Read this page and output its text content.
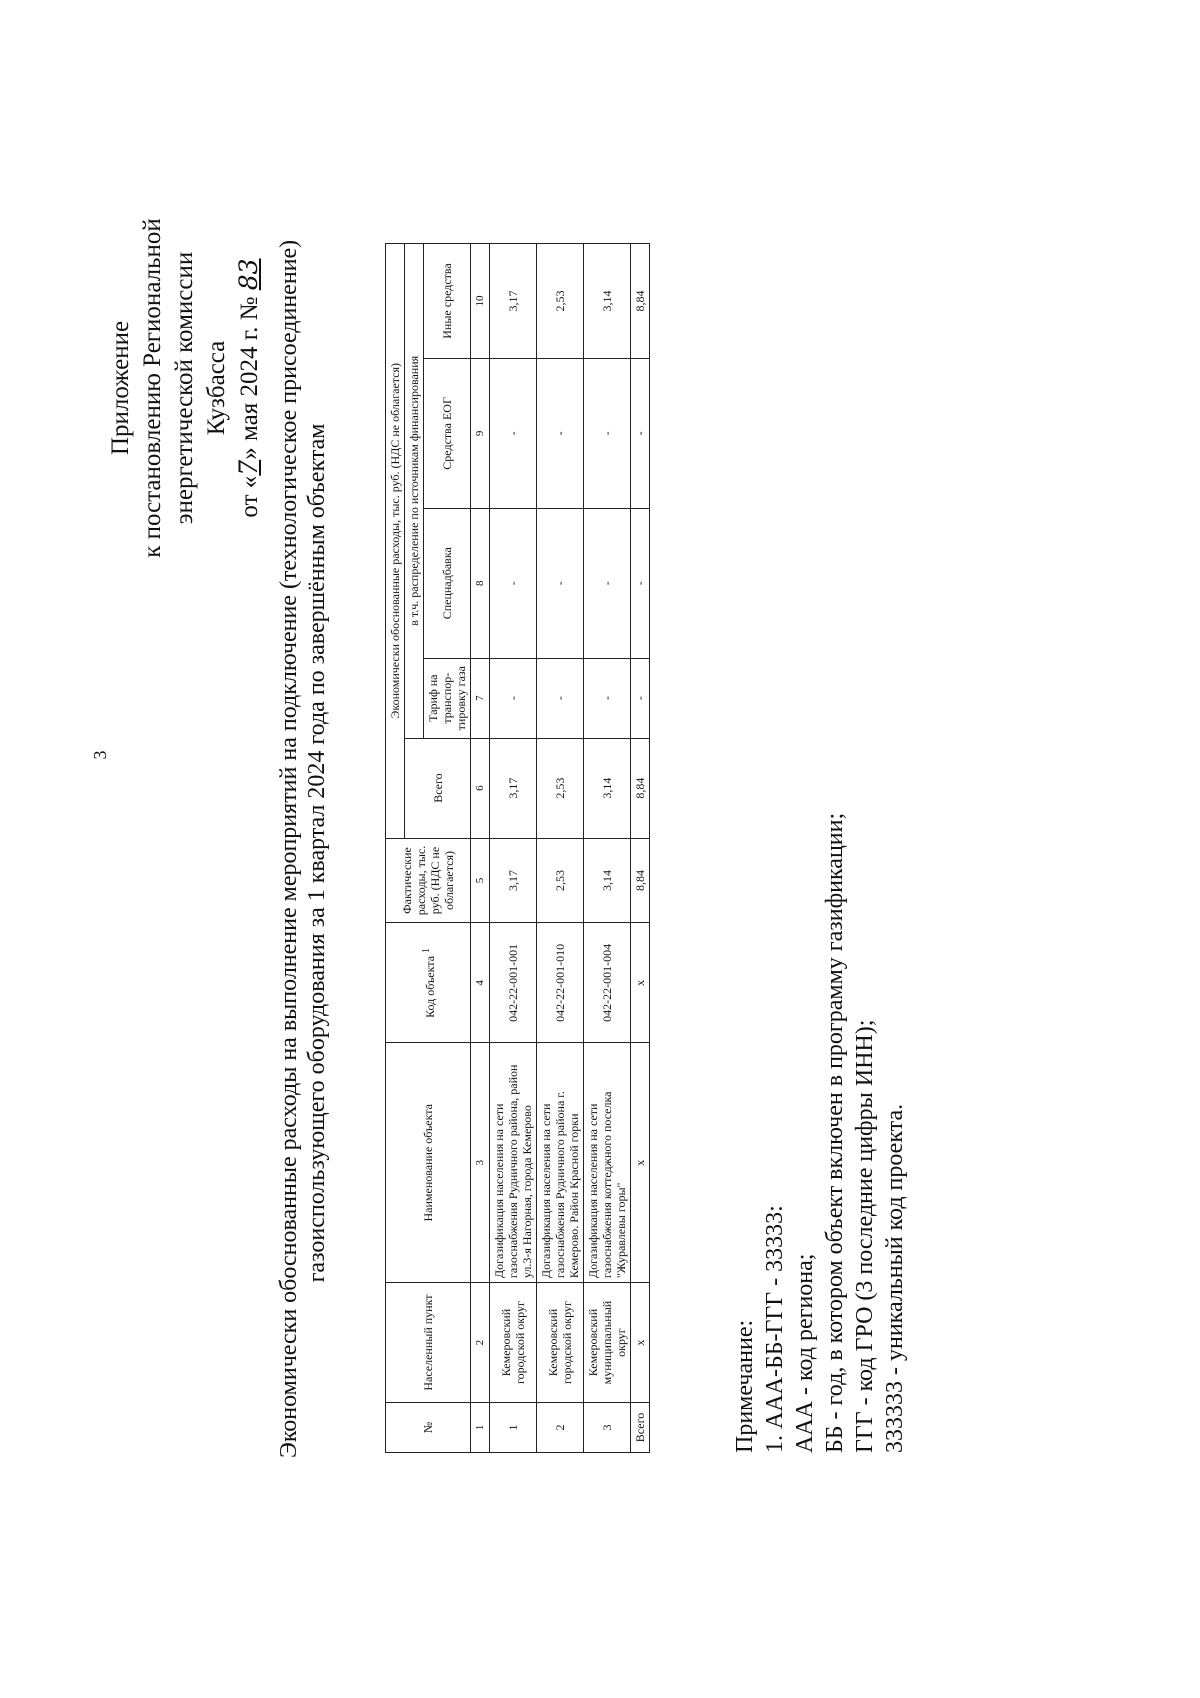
3
Приложение к постановлению Региональной энергетической комиссии Кузбасса
от «7» мая 2024 г. № 83 Экономически обоснованные расходы на выполнение мероприятий на подключение (технологическое присоединение) газоиспользующего оборудования за 1 квартал 2024 года по завершённым объектам
№	Населенный пункт	Наименование объекта	Код объекта $^1$	Фактические расходы, тыс. руб. (НДС не облагается)	Экономически обоснованные расходы, тыс. руб. (НДС не облагается)				
					Всего	в т.ч. распределение по источникам финансирования			
						Тариф на транспор- тировку газа	Спецнадбавка	Средства ЕОГ	Иные средства
1	2	3	4	5	6	7	8	9	10
1	Кемеровский городской округ	Догазификация населения на сети газоснабжения Рудничного района, район ул.3-я Нагорная, города Кемерово	042-22-001-001	3,17	3,17	-	-	-	3,17
2	Кемеровский городской округ	Догазификация населения на сети газоснабжения Рудничного района г. Кемерово. Район Красной горки	042-22-001-010	2,53	2,53	-	-	-	2,53
3	Кемеровский муниципальный округ	Догазификация населения на сети газоснабжения коттеджного поселка "Журавлевы горы"	042-22-001-004	3,14	3,14	-	-	-	3,14
Всего	x	x	x	8,84	8,84	-	-	-	8,84
Примечание: 1. ААА-ББ-ГГГ - 33333: ААА - код региона; ББ - год, в котором объект включен в программу газификации; ГГГ - код ГРО (3 последние цифры ИНН); 333333 - уникальный код проекта.
